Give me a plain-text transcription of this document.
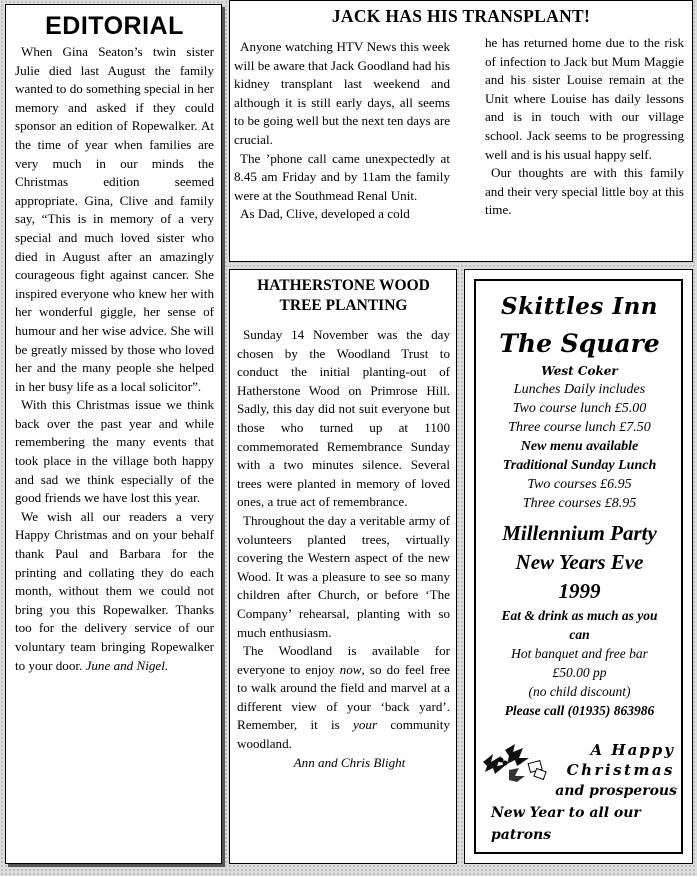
EDITORIAL

When Gina Seaton’s twin sister Julie died last August the family wanted to do something special in her memory and asked if they could sponsor an edition of Ropewalker. At the time of year when families are very much in our minds the Christmas edition seemed appropriate. Gina, Clive and family say, “This is in memory of a very special and much loved sister who died in August after an amazingly courageous fight against cancer. She inspired everyone who knew her with her wonderful giggle, her sense of humour and her wise advice. She will be greatly missed by those who loved her and the many people she helped in her busy life as a local solicitor”.

With this Christmas issue we think back over the past year and while remembering the many events that took place in the village both happy and sad we think especially of the good friends we have lost this year.

We wish all our readers a very Happy Christmas and on your behalf thank Paul and Barbara for the printing and collating they do each month, without them we could not bring you this Ropewalker. Thanks too for the delivery service of our voluntary team bringing Ropewalker to your door. June and Nigel.

JACK HAS HIS TRANSPLANT!

Anyone watching HTV News this week will be aware that Jack Goodland had his kidney transplant last weekend and although it is still early days, all seems to be going well but the next ten days are crucial.

The ’phone call came unexpectedly at 8.45 am Friday and by 11am the family were at the Southmead Renal Unit.

As Dad, Clive, developed a cold

he has returned home due to the risk of infection to Jack but Mum Maggie and his sister Louise remain at the Unit where Louise has daily lessons and is in touch with our village school. Jack seems to be progressing well and is his usual happy self.

Our thoughts are with this family and their very special little boy at this time.

HATHERSTONE WOOD
TREE PLANTING

Sunday 14 November was the day chosen by the Woodland Trust to conduct the initial planting-out of Hatherstone Wood on Primrose Hill. Sadly, this day did not suit everyone but those who turned up at 1100 commemorated Remembrance Sunday with a two minutes silence. Several trees were planted in memory of loved ones, a true act of remembrance.

Throughout the day a veritable army of volunteers planted trees, virtually covering the Western aspect of the new Wood. It was a pleasure to see so many children after Church, or before ‘The Company’ rehearsal, planting with so much enthusiasm.

The Woodland is available for everyone to enjoy now, so do feel free to walk around the field and marvel at a different view of your ‘back yard’. Remember, it is your community woodland.

Ann and Chris Blight

Skittles Inn

The Square

West Coker

Lunches Daily includes

Two course lunch £5.00

Three course lunch £7.50

New menu available

Traditional Sunday Lunch

Two courses £6.95

Three courses £8.95

Millennium Party

New Years Eve

1999

Eat & drink as much as you can

Hot banquet and free bar

£50.00 pp

(no child discount)

Please call (01935) 863986

A Happy

Christmas

and prosperous

New Year to all our

patrons
